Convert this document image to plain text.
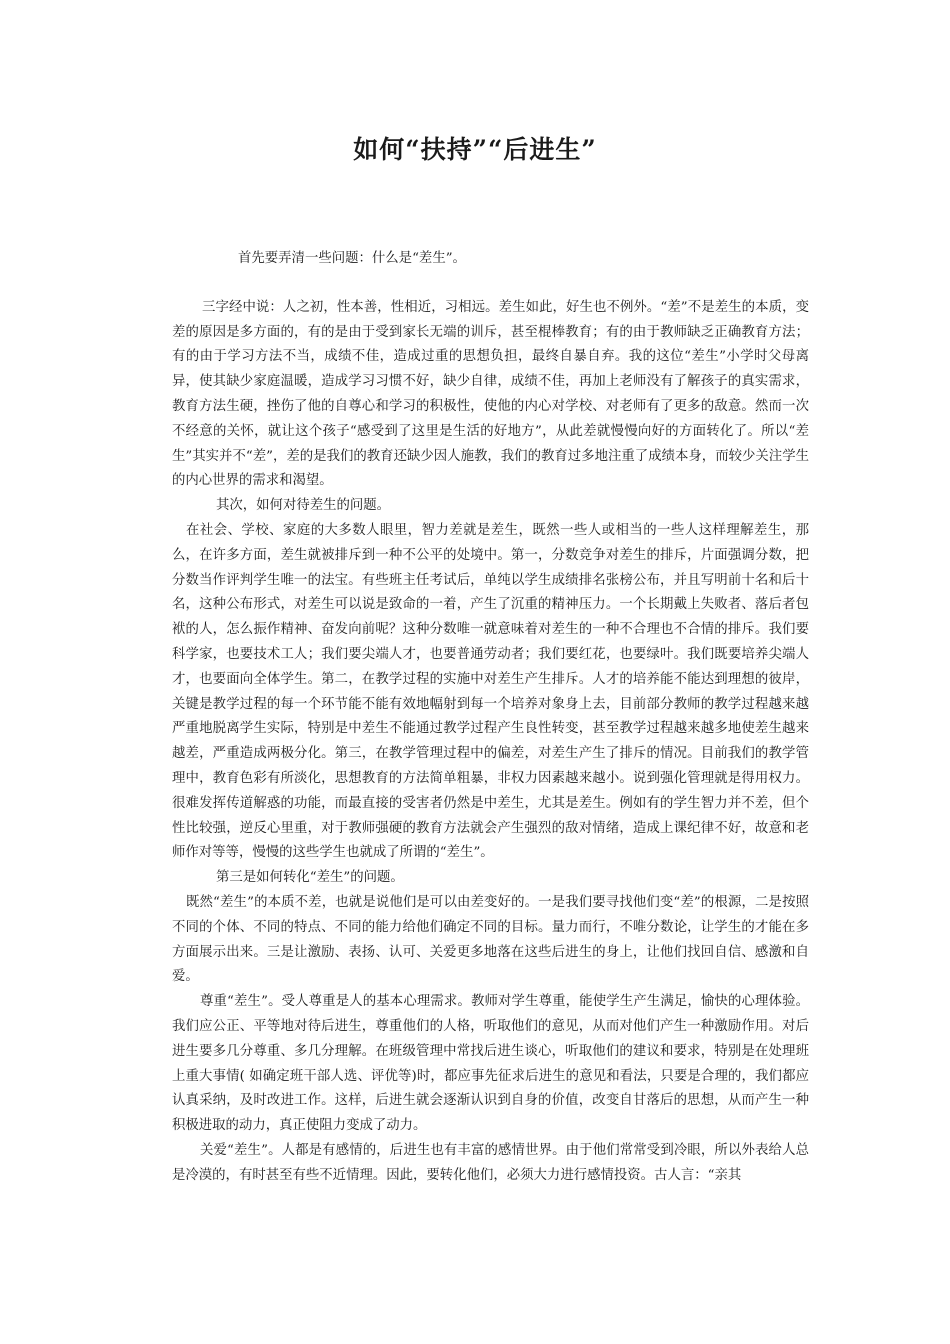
如何“扶持”“后进生”

首先要弄清一些问题：什么是“差生”。

三字经中说：人之初，性本善，性相近，习相远。差生如此，好生也不例外。“差”不是差生的本质，变差的原因是多方面的，有的是由于受到家长无端的训斥，甚至棍棒教育；有的由于教师缺乏正确教育方法；有的由于学习方法不当，成绩不佳，造成过重的思想负担，最终自暴自弃。我的这位“差生”小学时父母离异，使其缺少家庭温暖，造成学习习惯不好，缺少自律，成绩不佳，再加上老师没有了解孩子的真实需求，教育方法生硬，挫伤了他的自尊心和学习的积极性，使他的内心对学校、对老师有了更多的敌意。然而一次不经意的关怀，就让这个孩子“感受到了这里是生活的好地方”，从此差就慢慢向好的方面转化了。所以“差生”其实并不“差”，差的是我们的教育还缺少因人施教，我们的教育过多地注重了成绩本身，而较少关注学生的内心世界的需求和渴望。

其次，如何对待差生的问题。

在社会、学校、家庭的大多数人眼里，智力差就是差生，既然一些人或相当的一些人这样理解差生，那么，在许多方面，差生就被排斥到一种不公平的处境中。第一，分数竞争对差生的排斥，片面强调分数，把分数当作评判学生唯一的法宝。有些班主任考试后，单纯以学生成绩排名张榜公布，并且写明前十名和后十名，这种公布形式，对差生可以说是致命的一着，产生了沉重的精神压力。一个长期戴上失败者、落后者包袱的人，怎么振作精神、奋发向前呢？这种分数唯一就意味着对差生的一种不合理也不合情的排斥。我们要科学家，也要技术工人；我们要尖端人才，也要普通劳动者；我们要红花，也要绿叶。我们既要培养尖端人才，也要面向全体学生。第二，在教学过程的实施中对差生产生排斥。人才的培养能不能达到理想的彼岸，关键是教学过程的每一个环节能不能有效地幅射到每一个培养对象身上去，目前部分教师的教学过程越来越严重地脱离学生实际，特别是中差生不能通过教学过程产生良性转变，甚至教学过程越来越多地使差生越来越差，严重造成两极分化。第三，在教学管理过程中的偏差，对差生产生了排斥的情况。目前我们的教学管理中，教育色彩有所淡化，思想教育的方法简单粗暴，非权力因素越来越小。说到强化管理就是得用权力。很难发挥传道解惑的功能，而最直接的受害者仍然是中差生，尤其是差生。例如有的学生智力并不差，但个性比较强，逆反心里重，对于教师强硬的教育方法就会产生强烈的敌对情绪，造成上课纪律不好，故意和老师作对等等，慢慢的这些学生也就成了所谓的“差生”。

第三是如何转化“差生”的问题。

既然“差生”的本质不差，也就是说他们是可以由差变好的。一是我们要寻找他们变“差”的根源，二是按照不同的个体、不同的特点、不同的能力给他们确定不同的目标。量力而行，不唯分数论，让学生的才能在多方面展示出来。三是让激励、表扬、认可、关爱更多地落在这些后进生的身上，让他们找回自信、感激和自爱。

尊重“差生”。受人尊重是人的基本心理需求。教师对学生尊重，能使学生产生满足，愉快的心理体验。我们应公正、平等地对待后进生，尊重他们的人格，听取他们的意见，从而对他们产生一种激励作用。对后进生要多几分尊重、多几分理解。在班级管理中常找后进生谈心，听取他们的建议和要求，特别是在处理班上重大事情( 如确定班干部人选、评优等)时，都应事先征求后进生的意见和看法，只要是合理的，我们都应认真采纳，及时改进工作。这样，后进生就会逐渐认识到自身的价值，改变自甘落后的思想，从而产生一种积极进取的动力，真正使阻力变成了动力。

关爱“差生”。人都是有感情的，后进生也有丰富的感情世界。由于他们常常受到冷眼，所以外表给人总是冷漠的，有时甚至有些不近情理。因此，要转化他们，必须大力进行感情投资。古人言：“亲其
